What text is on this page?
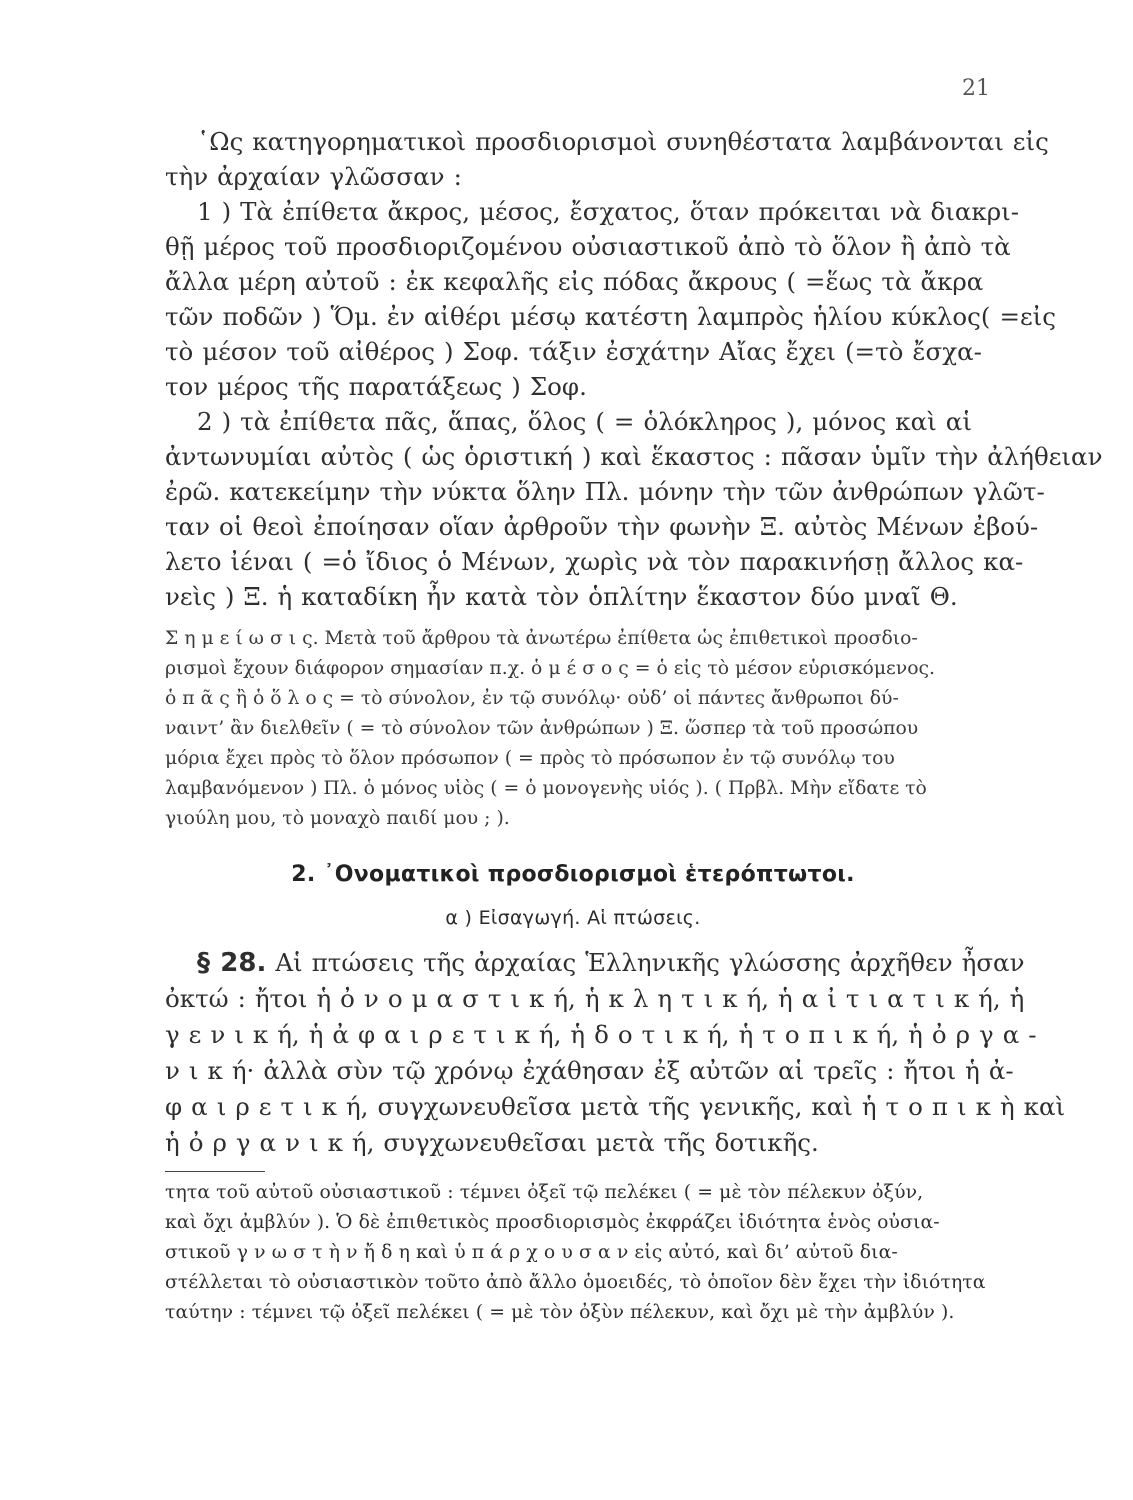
21
῾Ως κατηγορηματικοὶ προσδιορισμοὶ συνηθέστατα λαμβάνονται εἰς
τὴν ἀρχαίαν γλῶσσαν :
1 ) Τὰ ἐπίθετα ἄκρος, μέσος, ἔσχατος, ὅταν πρόκειται νὰ διακρι-
θῇ μέρος τοῦ προσδιοριζομένου οὐσιαστικοῦ ἀπὸ τὸ ὅλον ἢ ἀπὸ τὰ
ἄλλα μέρη αὐτοῦ : ἐκ κεφαλῆς εἰς πόδας ἄκρους ( =ἕως τὰ ἄκρα
τῶν ποδῶν ) Ὅμ. ἐν αἰθέρι μέσῳ κατέστη λαμπρὸς ἡλίου κύκλος( =εἰς
τὸ μέσον τοῦ αἰθέρος ) Σοφ. τάξιν ἐσχάτην Αἴας ἔχει (=τὸ ἔσχα-
τον μέρος τῆς παρατάξεως ) Σοφ.
2 ) τὰ ἐπίθετα πᾶς, ἅπας, ὅλος ( = ὁλόκληρος ), μόνος καὶ αἱ
ἀντωνυμίαι αὐτὸς ( ὡς ὁριστική ) καὶ ἕκαστος : πᾶσαν ὑμῖν τὴν ἀλήθειαν
ἐρῶ. κατεκείμην τὴν νύκτα ὅλην Πλ. μόνην τὴν τῶν ἀνθρώπων γλῶτ-
ταν οἱ θεοὶ ἐποίησαν οἵαν ἀρθροῦν τὴν φωνὴν Ξ. αὐτὸς Μένων ἐβού-
λετο ἰέναι ( =ὁ ἴδιος ὁ Μένων, χωρὶς νὰ τὸν παρακινήσῃ ἄλλος κα-
νεὶς ) Ξ. ἡ καταδίκη ἦν κατὰ τὸν ὁπλίτην ἕκαστον δύο μναῖ Θ.
Σ η μ ε ί ω σ ι ς. Μετὰ τοῦ ἄρθρου τὰ ἀνωτέρω ἐπίθετα ὡς ἐπιθετικοὶ προσδιο-
ρισμοὶ ἔχουν διάφορον σημασίαν π.χ. ὁ μ έ σ ο ς = ὁ εἰς τὸ μέσον εὑρισκόμενος.
ὁ π ᾶ ς ἢ ὁ ὅ λ ο ς = τὸ σύνολον, ἐν τῷ συνόλῳ· οὐδ’ οἱ πάντες ἄνθρωποι δύ-
ναιντ’ ἂν διελθεῖν ( = τὸ σύνολον τῶν ἀνθρώπων ) Ξ. ὥσπερ τὰ τοῦ προσώπου
μόρια ἔχει πρὸς τὸ ὅλον πρόσωπον ( = πρὸς τὸ πρόσωπον ἐν τῷ συνόλῳ του
λαμβανόμενον ) Πλ. ὁ μόνος υἱὸς ( = ὁ μονογενὴς υἱός ). ( Πρβλ. Μὴν εἴδατε τὸ
γιούλη μου, τὸ μοναχὸ παιδί μου ; ).
2. ᾿Ονοματικοὶ προσδιορισμοὶ ἑτερόπτωτοι.
α ) Εἰσαγωγή. Αἱ πτώσεις.
§ 28. Αἱ πτώσεις τῆς ἀρχαίας Ἑλληνικῆς γλώσσης ἀρχῆθεν ἦσαν
ὀκτώ : ἤτοι ἡ ὀ ν ο μ α σ τ ι κ ή, ἡ κ λ η τ ι κ ή, ἡ α ἰ τ ι α τ ι κ ή, ἡ
γ ε ν ι κ ή, ἡ ἀ φ α ι ρ ε τ ι κ ή, ἡ δ ο τ ι κ ή, ἡ τ ο π ι κ ή, ἡ ὀ ρ γ α -
ν ι κ ή· ἀλλὰ σὺν τῷ χρόνῳ ἐχάθησαν ἐξ αὐτῶν αἱ τρεῖς : ἤτοι ἡ ἀ-
φ α ι ρ ε τ ι κ ή, συγχωνευθεῖσα μετὰ τῆς γενικῆς, καὶ ἡ τ ο π ι κ ὴ καὶ
ἡ ὀ ρ γ α ν ι κ ή, συγχωνευθεῖσαι μετὰ τῆς δοτικῆς.
τητα τοῦ αὐτοῦ οὐσιαστικοῦ : τέμνει ὀξεῖ τῷ πελέκει ( = μὲ τὸν πέλεκυν ὀξύν,
καὶ ὄχι ἀμβλύν ). Ὁ δὲ ἐπιθετικὸς προσδιορισμὸς ἐκφράζει ἰδιότητα ἑνὸς οὐσια-
στικοῦ γ ν ω σ τ ὴ ν ἤ δ η καὶ ὑ π ά ρ χ ο υ σ α ν εἰς αὐτό, καὶ δι’ αὐτοῦ δια-
στέλλεται τὸ οὐσιαστικὸν τοῦτο ἀπὸ ἄλλο ὁμοειδές, τὸ ὁποῖον δὲν ἔχει τὴν ἰδιότητα
ταύτην : τέμνει τῷ ὀξεῖ πελέκει ( = μὲ τὸν ὀξὺν πέλεκυν, καὶ ὄχι μὲ τὴν ἀμβλύν ).
